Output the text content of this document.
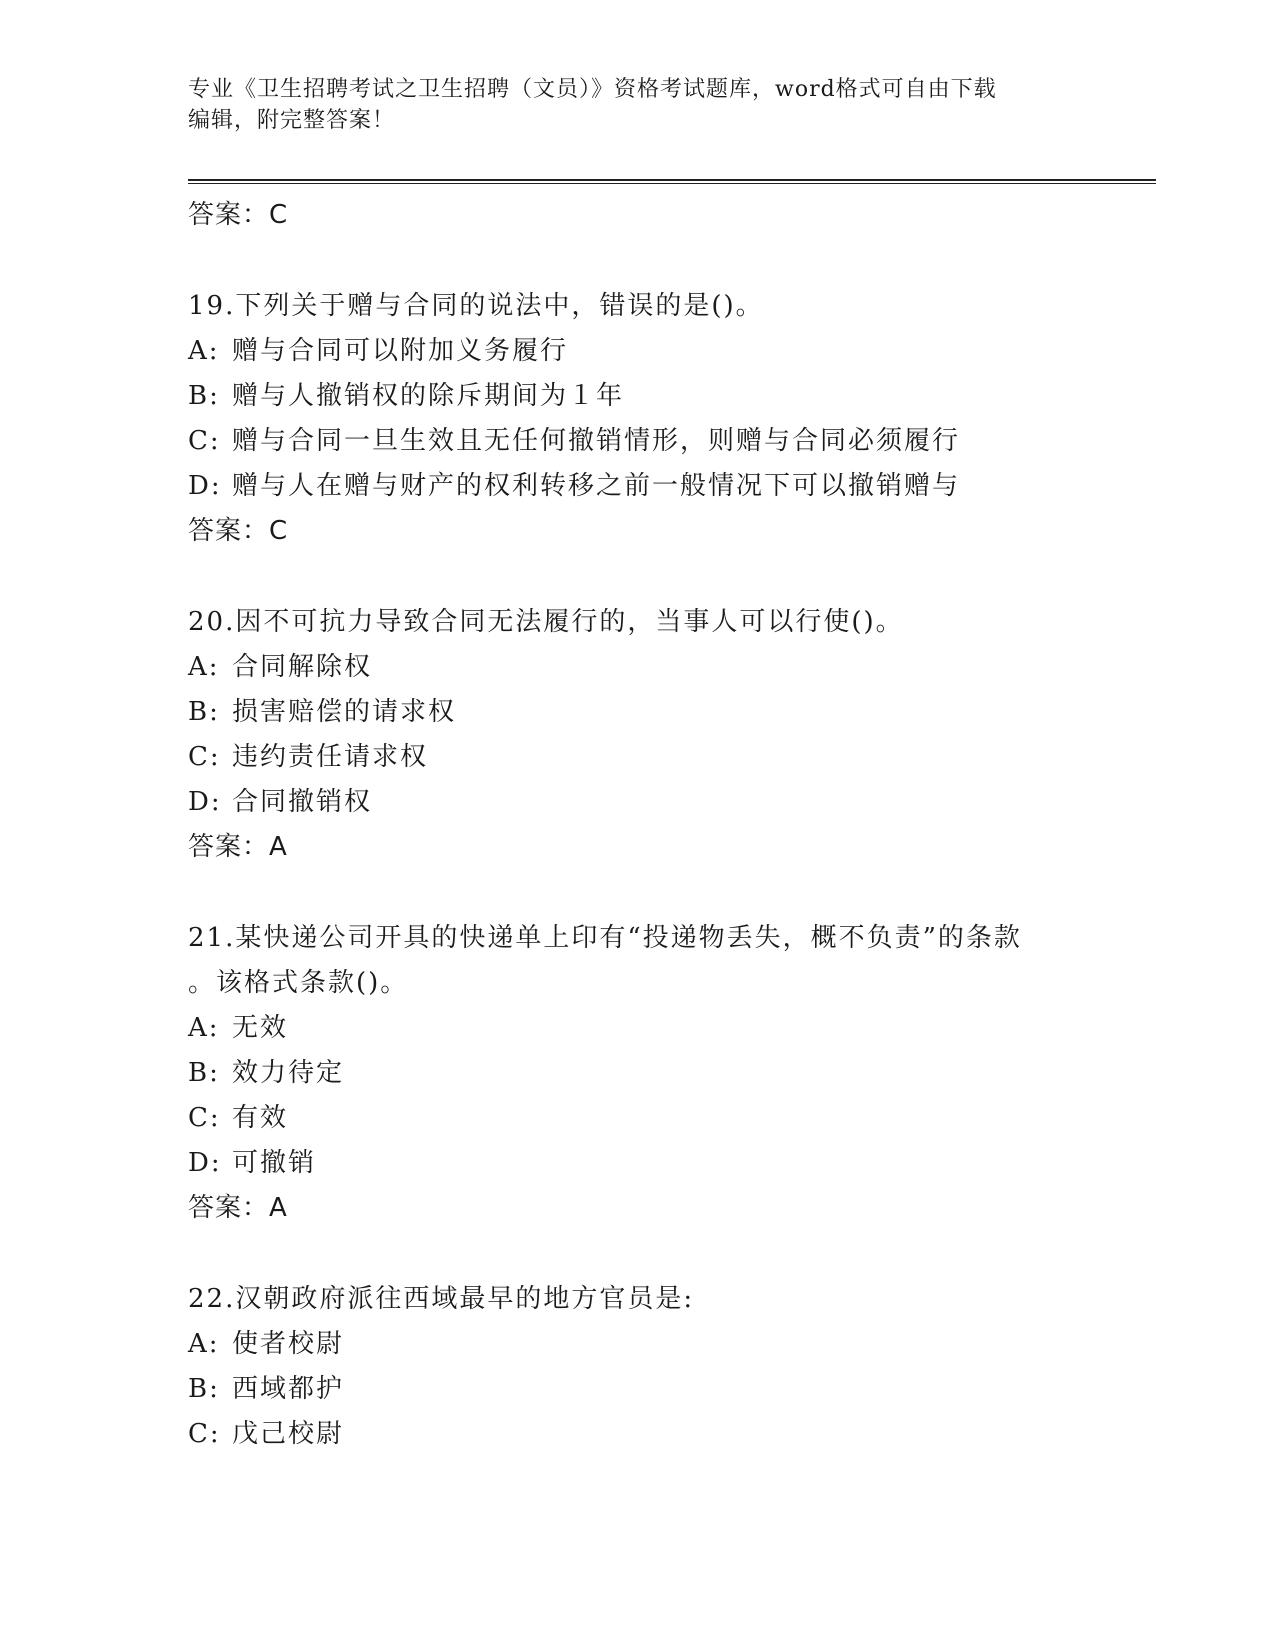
专业《卫生招聘考试之卫生招聘（文员）》资格考试题库，word格式可自由下载
编辑，附完整答案！
答案：C
19.下列关于赠与合同的说法中，错误的是()。
A: 赠与合同可以附加义务履行
B: 赠与人撤销权的除斥期间为１年
C: 赠与合同一旦生效且无任何撤销情形，则赠与合同必须履行
D: 赠与人在赠与财产的权利转移之前一般情况下可以撤销赠与
答案：C
20.因不可抗力导致合同无法履行的，当事人可以行使()。
A: 合同解除权
B: 损害赔偿的请求权
C: 违约责任请求权
D: 合同撤销权
答案：A
21.某快递公司开具的快递单上印有“投递物丢失，概不负责”的条款
。该格式条款()。
A: 无效
B: 效力待定
C: 有效
D: 可撤销
答案：A
22.汉朝政府派往西域最早的地方官员是:
A: 使者校尉
B: 西域都护
C: 戊己校尉
